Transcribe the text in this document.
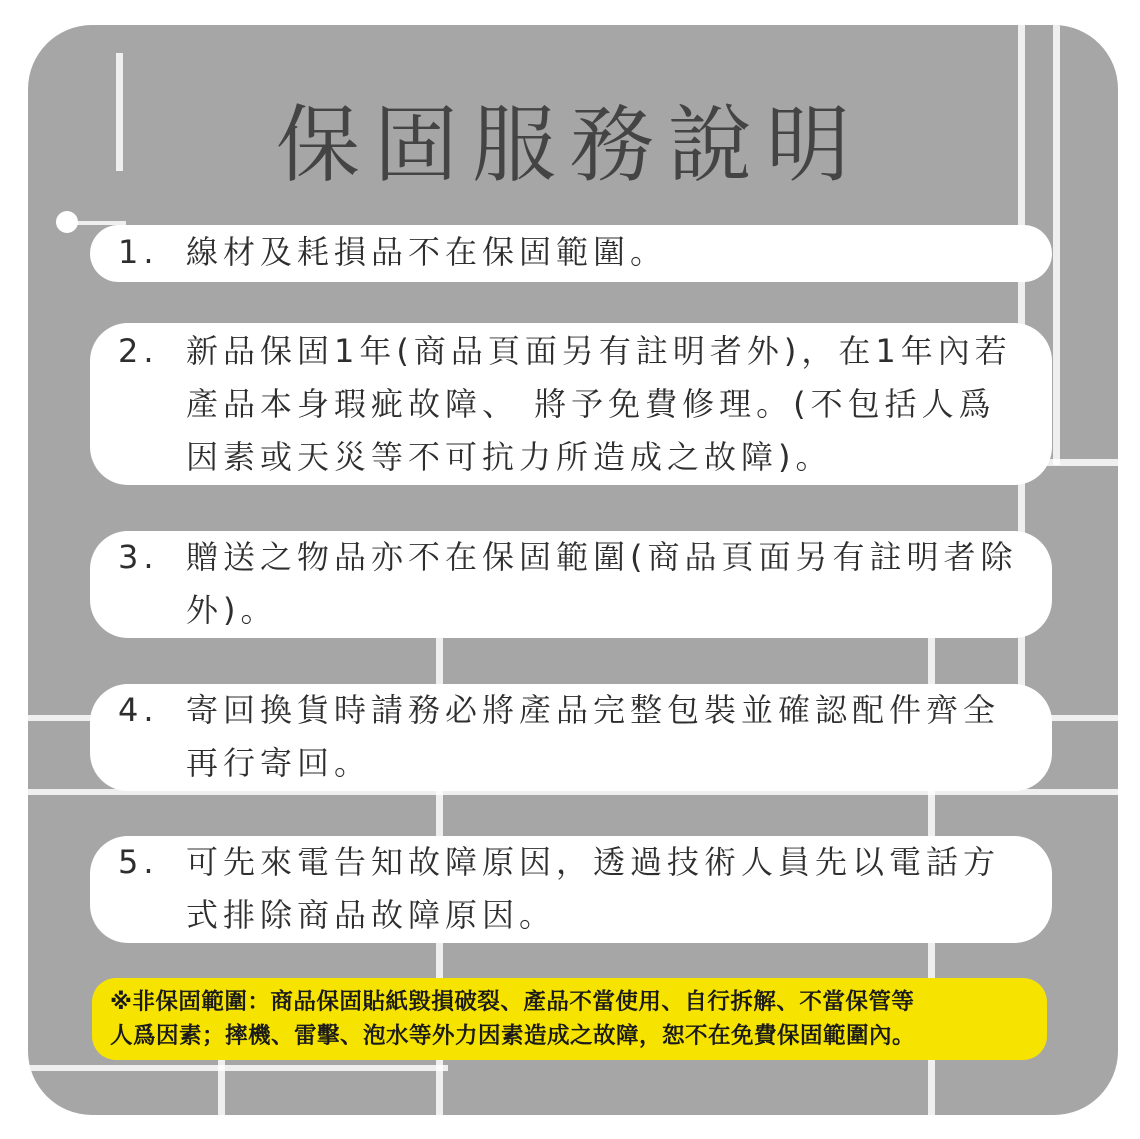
保固服務說明
1. 線材及耗損品不在保固範圍。
2. 新品保固1年(商品頁面另有註明者外)，在1年內若
產品本身瑕疵故障、 將予免費修理。(不包括人爲
因素或天災等不可抗力所造成之故障)。
3. 贈送之物品亦不在保固範圍(商品頁面另有註明者除
外)。
4. 寄回換貨時請務必將產品完整包裝並確認配件齊全
再行寄回。
5. 可先來電告知故障原因，透過技術人員先以電話方
式排除商品故障原因。
※非保固範圍：商品保固貼紙毀損破裂、產品不當使用、自行拆解、不當保管等
人爲因素；摔機、雷擊、泡水等外力因素造成之故障，恕不在免費保固範圍內。
